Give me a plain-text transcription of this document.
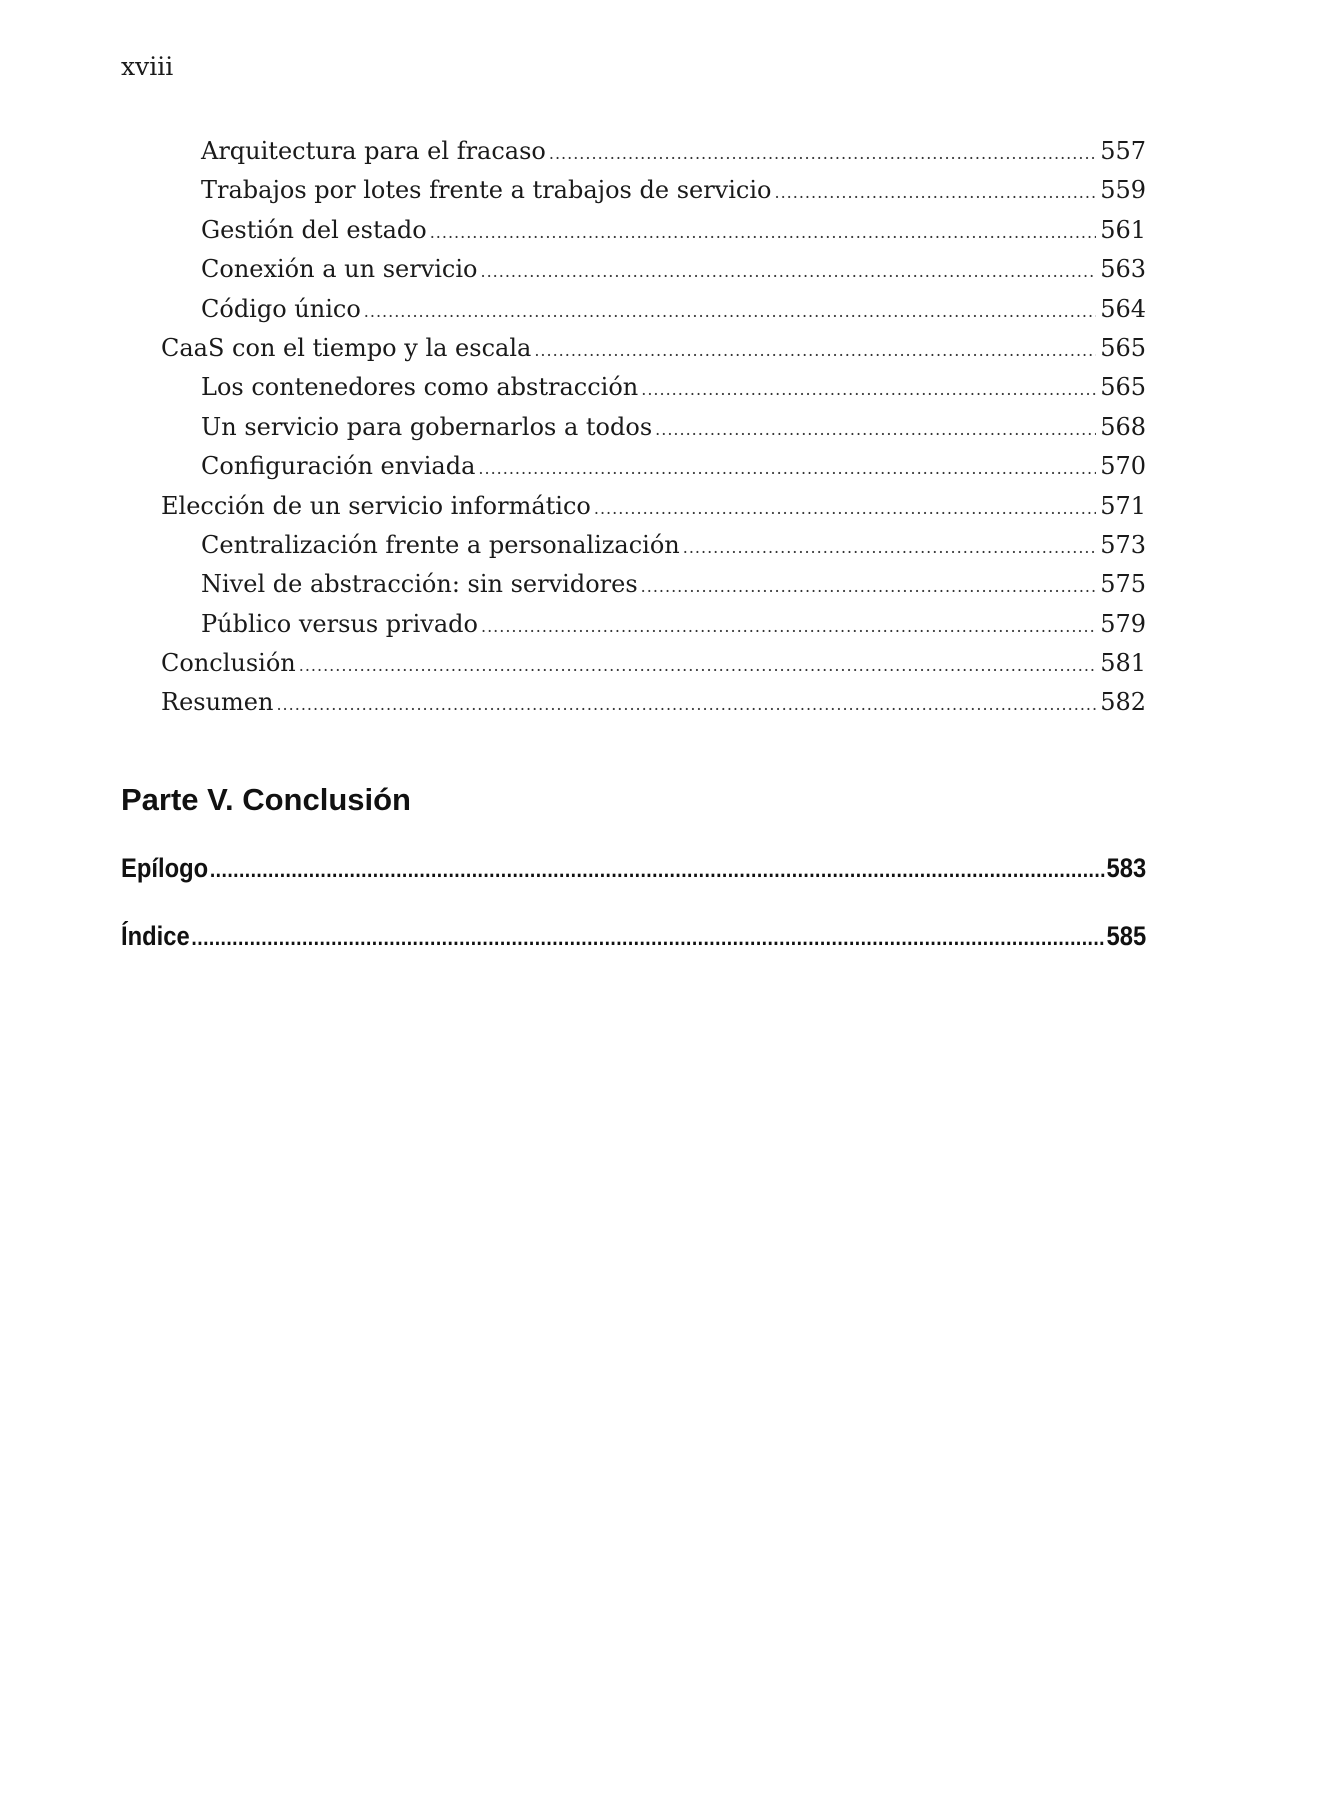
xviii
Arquitectura para el fracaso .....	557
Trabajos por lotes frente a trabajos de servicio .....	559
Gestión del estado .....	561
Conexión a un servicio .....	563
Código único .....	564
CaaS con el tiempo y la escala .....	565
Los contenedores como abstracción .....	565
Un servicio para gobernarlos a todos .....	568
Configuración enviada .....	570
Elección de un servicio informático .....	571
Centralización frente a personalización .....	573
Nivel de abstracción: sin servidores .....	575
Público versus privado .....	579
Conclusión .....	581
Resumen .....	582
Parte V. Conclusión
Epílogo .....	583
Índice .....	585
